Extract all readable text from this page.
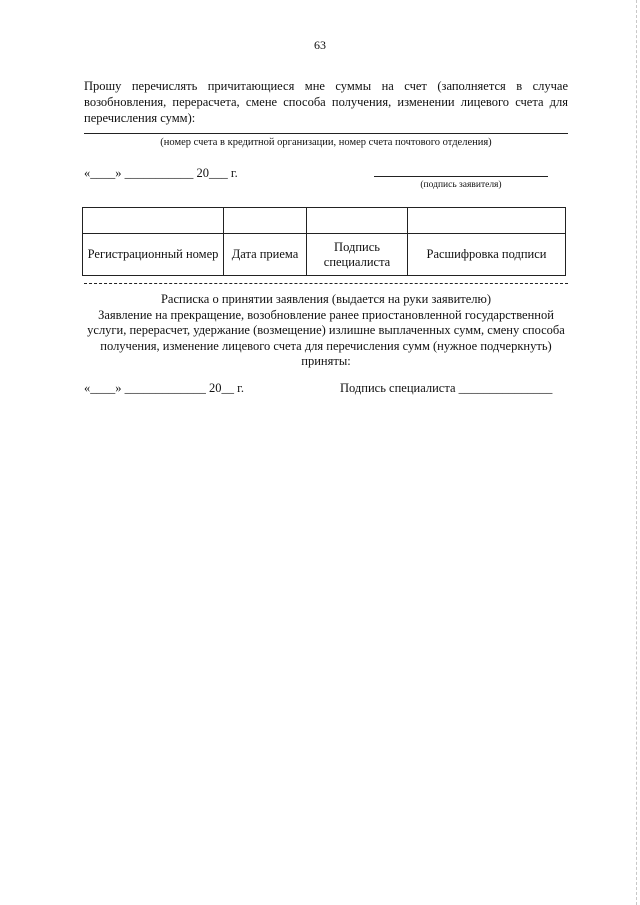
63
Прошу перечислять причитающиеся мне суммы на счет (заполняется в случае возобновления, перерасчета, смене способа получения, изменении лицевого счета для перечисления сумм):
(номер счета в кредитной организации, номер счета почтового отделения)
«____» ___________ 20___ г.
(подпись заявителя)

Регистрационный номер	Дата приема	Подпись специалиста	Расшифровка подписи
Расписка о принятии заявления (выдается на руки заявителю)
Заявление на прекращение, возобновление ранее приостановленной государственной услуги, перерасчет, удержание (возмещение) излишне выплаченных сумм, смену способа получения, изменение лицевого счета для перечисления сумм (нужное подчеркнуть) приняты:
«____» _____________ 20__ г.	Подпись специалиста _______________
